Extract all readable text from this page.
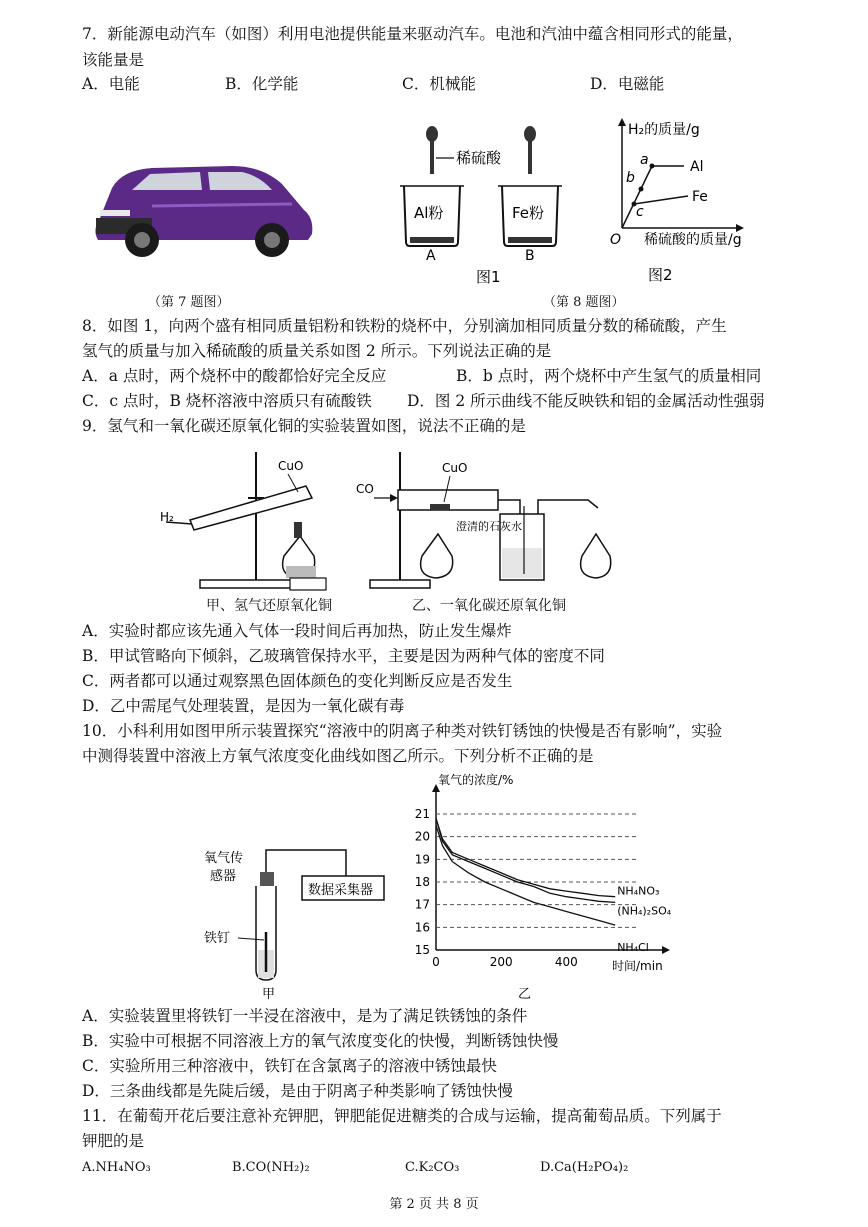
7．新能源电动汽车（如图）利用电池提供能量来驱动汽车。电池和汽油中蕴含相同形式的能量，
该能量是
A．电能	B．化学能	C．机械能	D．电磁能
（第 7 题图）
稀硫酸
Al粉	Fe粉
A	B
图1
H₂的质量/g
a
b
c
Al
Fe
O 稀硫酸的质量/g
图2
（第 8 题图）
8．如图 1，向两个盛有相同质量铝粉和铁粉的烧杯中，分别滴加相同质量分数的稀硫酸，产生
氢气的质量与加入稀硫酸的质量关系如图 2 所示。下列说法正确的是
A．a 点时，两个烧杯中的酸都恰好完全反应	B．b 点时，两个烧杯中产生氢气的质量相同
C．c 点时，B 烧杯溶液中溶质只有硫酸铁 D．图 2 所示曲线不能反映铁和铝的金属活动性强弱
9．氢气和一氧化碳还原氧化铜的实验装置如图，说法不正确的是
CuO
H₂
CO
CuO
澄清的石灰水
甲、氢气还原氧化铜	乙、一氧化碳还原氧化铜
A．实验时都应该先通入气体一段时间后再加热，防止发生爆炸
B．甲试管略向下倾斜，乙玻璃管保持水平，主要是因为两种气体的密度不同
C．两者都可以通过观察黑色固体颜色的变化判断反应是否发生
D．乙中需尾气处理装置，是因为一氧化碳有毒
10．小科利用如图甲所示装置探究“溶液中的阴离子种类对铁钉锈蚀的快慢是否有影响”，实验
中测得装置中溶液上方氧气浓度变化曲线如图乙所示。下列分析不正确的是
氧气传
感器
数据采集器
铁钉
甲
氧气的浓度/%
时间/min
乙
15
16
17
18
19
20
21
0	200	400
NH₄NO₃
(NH₄)₂SO₄
NH₄Cl
A．实验装置里将铁钉一半浸在溶液中，是为了满足铁锈蚀的条件
B．实验中可根据不同溶液上方的氧气浓度变化的快慢，判断锈蚀快慢
C．实验所用三种溶液中，铁钉在含氯离子的溶液中锈蚀最快
D．三条曲线都是先陡后缓，是由于阴离子种类影响了锈蚀快慢
11．在葡萄开花后要注意补充钾肥，钾肥能促进糖类的合成与运输，提高葡萄品质。下列属于
钾肥的是
A.NH₄NO₃	B.CO(NH₂)₂	C.K₂CO₃	D.Ca(H₂PO₄)₂
第 2 页 共 8 页
